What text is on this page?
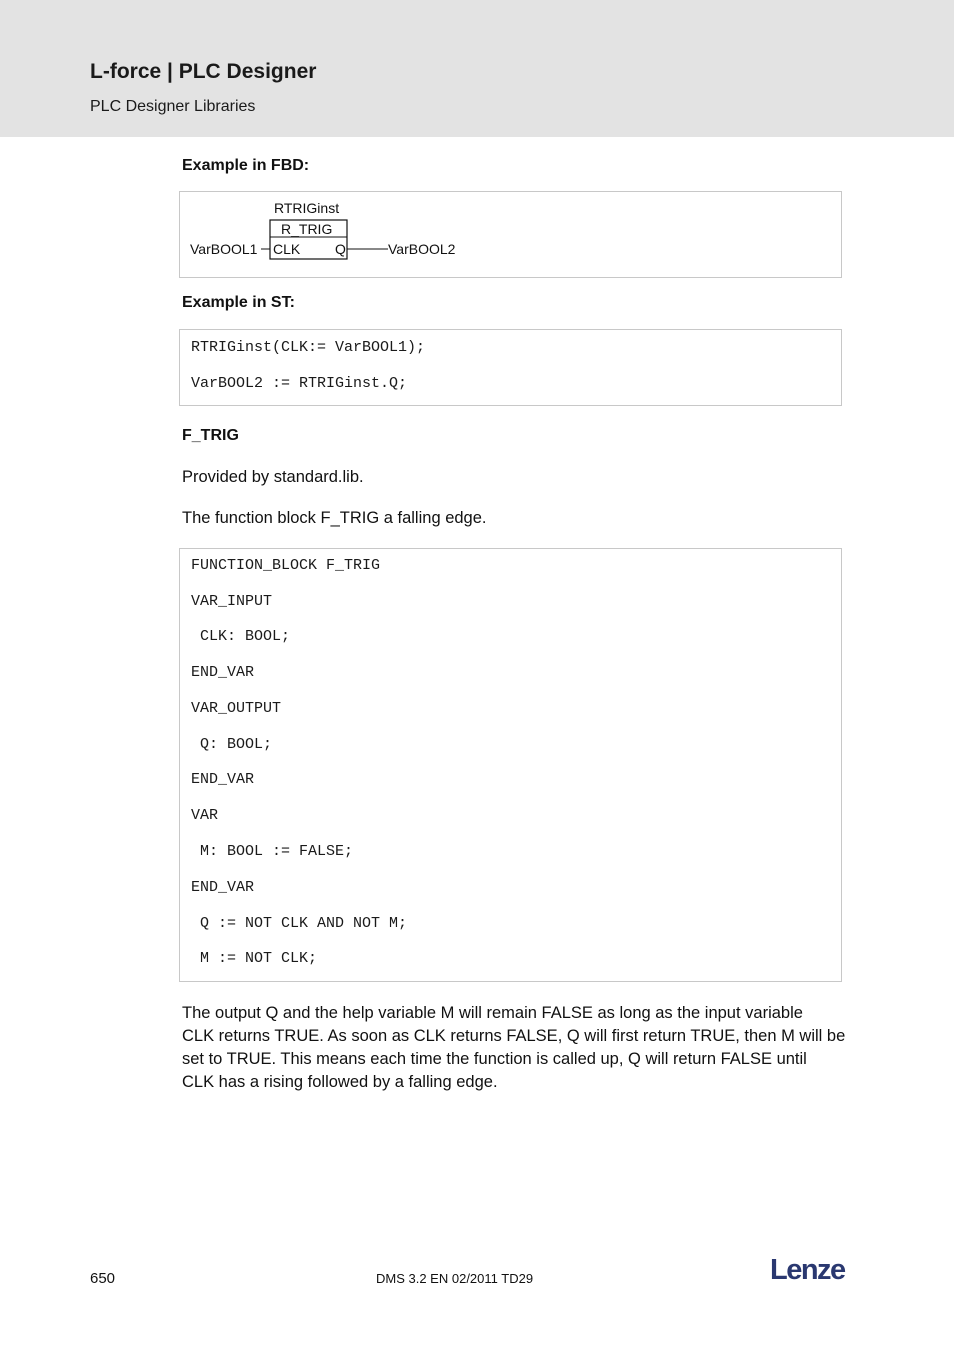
L-force | PLC Designer
PLC Designer Libraries
Example in FBD:
RTRIGinst
R_TRIG
CLK Q
VarBOOL1	VarBOOL2
Example in ST:
RTRIGinst(CLK:= VarBOOL1);
VarBOOL2 := RTRIGinst.Q;
F_TRIG
Provided by standard.lib.
The function block F_TRIG a falling edge.
FUNCTION_BLOCK F_TRIG
VAR_INPUT
CLK: BOOL;
END_VAR
VAR_OUTPUT
Q: BOOL;
END_VAR
VAR
M: BOOL := FALSE;
END_VAR
Q := NOT CLK AND NOT M;
M := NOT CLK;
The output Q and the help variable M will remain FALSE as long as the input variable
CLK returns TRUE. As soon as CLK returns FALSE, Q will first return TRUE, then M will be
set to TRUE. This means each time the function is called up, Q will return FALSE until
CLK has a rising followed by a falling edge.
650	DMS 3.2 EN 02/2011 TD29	Lenze
